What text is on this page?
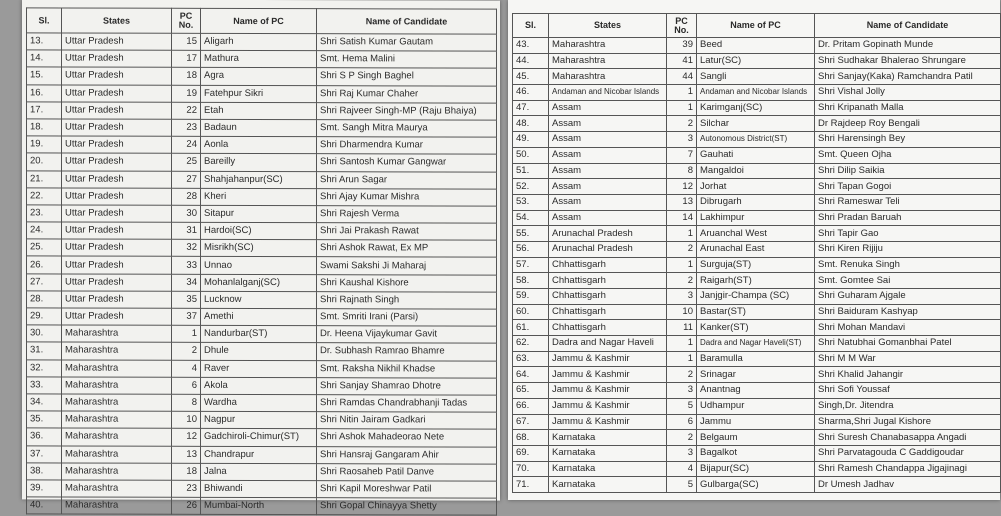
Sl.	States	PC
No.	Name of PC	Name of Candidate
13.	Uttar Pradesh	15	Aligarh	Shri Satish Kumar Gautam
14.	Uttar Pradesh	17	Mathura	Smt. Hema Malini
15.	Uttar Pradesh	18	Agra	Shri S P Singh Baghel
16.	Uttar Pradesh	19	Fatehpur Sikri	Shri Raj Kumar Chaher
17.	Uttar Pradesh	22	Etah	Shri Rajveer Singh-MP (Raju Bhaiya)
18.	Uttar Pradesh	23	Badaun	Smt. Sangh Mitra Maurya
19.	Uttar Pradesh	24	Aonla	Shri Dharmendra Kumar
20.	Uttar Pradesh	25	Bareilly	Shri Santosh Kumar Gangwar
21.	Uttar Pradesh	27	Shahjahanpur(SC)	Shri Arun Sagar
22.	Uttar Pradesh	28	Kheri	Shri Ajay Kumar Mishra
23.	Uttar Pradesh	30	Sitapur	Shri Rajesh Verma
24.	Uttar Pradesh	31	Hardoi(SC)	Shri Jai Prakash Rawat
25.	Uttar Pradesh	32	Misrikh(SC)	Shri Ashok Rawat, Ex MP
26.	Uttar Pradesh	33	Unnao	Swami Sakshi Ji Maharaj
27.	Uttar Pradesh	34	Mohanlalganj(SC)	Shri Kaushal Kishore
28.	Uttar Pradesh	35	Lucknow	Shri Rajnath Singh
29.	Uttar Pradesh	37	Amethi	Smt. Smriti Irani (Parsi)
30.	Maharashtra	1	Nandurbar(ST)	Dr. Heena Vijaykumar Gavit
31.	Maharashtra	2	Dhule	Dr. Subhash Ramrao Bhamre
32.	Maharashtra	4	Raver	Smt. Raksha Nikhil Khadse
33.	Maharashtra	6	Akola	Shri Sanjay Shamrao Dhotre
34.	Maharashtra	8	Wardha	Shri Ramdas Chandrabhanji Tadas
35.	Maharashtra	10	Nagpur	Shri Nitin Jairam Gadkari
36.	Maharashtra	12	Gadchiroli-Chimur(ST)	Shri Ashok Mahadeorao Nete
37.	Maharashtra	13	Chandrapur	Shri Hansraj Gangaram Ahir
38.	Maharashtra	18	Jalna	Shri Raosaheb Patil Danve
39.	Maharashtra	23	Bhiwandi	Shri Kapil Moreshwar Patil
40.	Maharashtra	26	Mumbai-North	Shri Gopal Chinayya Shetty
Sl.	States	PC
No.	Name of PC	Name of Candidate
43.	Maharashtra	39	Beed	Dr. Pritam Gopinath Munde
44.	Maharashtra	41	Latur(SC)	Shri Sudhakar Bhalerao Shrungare
45.	Maharashtra	44	Sangli	Shri Sanjay(Kaka) Ramchandra Patil
46.	Andaman and Nicobar Islands	1	Andaman and Nicobar Islands	Shri Vishal Jolly
47.	Assam	1	Karimganj(SC)	Shri Kripanath Malla
48.	Assam	2	Silchar	Dr Rajdeep Roy Bengali
49.	Assam	3	Autonomous District(ST)	Shri Harensingh Bey
50.	Assam	7	Gauhati	Smt. Queen Ojha
51.	Assam	8	Mangaldoi	Shri Dilip Saikia
52.	Assam	12	Jorhat	Shri Tapan Gogoi
53.	Assam	13	Dibrugarh	Shri Rameswar Teli
54.	Assam	14	Lakhimpur	Shri Pradan Baruah
55.	Arunachal Pradesh	1	Aruanchal West	Shri Tapir Gao
56.	Arunachal Pradesh	2	Arunachal East	Shri Kiren Rijiju
57.	Chhattisgarh	1	Surguja(ST)	Smt. Renuka Singh
58.	Chhattisgarh	2	Raigarh(ST)	Smt. Gomtee Sai
59.	Chhattisgarh	3	Janjgir-Champa (SC)	Shri Guharam Ajgale
60.	Chhattisgarh	10	Bastar(ST)	Shri Baiduram Kashyap
61.	Chhattisgarh	11	Kanker(ST)	Shri Mohan Mandavi
62.	Dadra and Nagar Haveli	1	Dadra and Nagar Haveli(ST)	Shri Natubhai Gomanbhai Patel
63.	Jammu & Kashmir	1	Baramulla	Shri M M War
64.	Jammu & Kashmir	2	Srinagar	Shri Khalid Jahangir
65.	Jammu & Kashmir	3	Anantnag	Shri Sofi Youssaf
66.	Jammu & Kashmir	5	Udhampur	Singh,Dr. Jitendra
67.	Jammu & Kashmir	6	Jammu	Sharma,Shri Jugal Kishore
68.	Karnataka	2	Belgaum	Shri Suresh Chanabasappa Angadi
69.	Karnataka	3	Bagalkot	Shri Parvatagouda C Gaddigoudar
70.	Karnataka	4	Bijapur(SC)	Shri Ramesh Chandappa Jigajinagi
71.	Karnataka	5	Gulbarga(SC)	Dr Umesh Jadhav
